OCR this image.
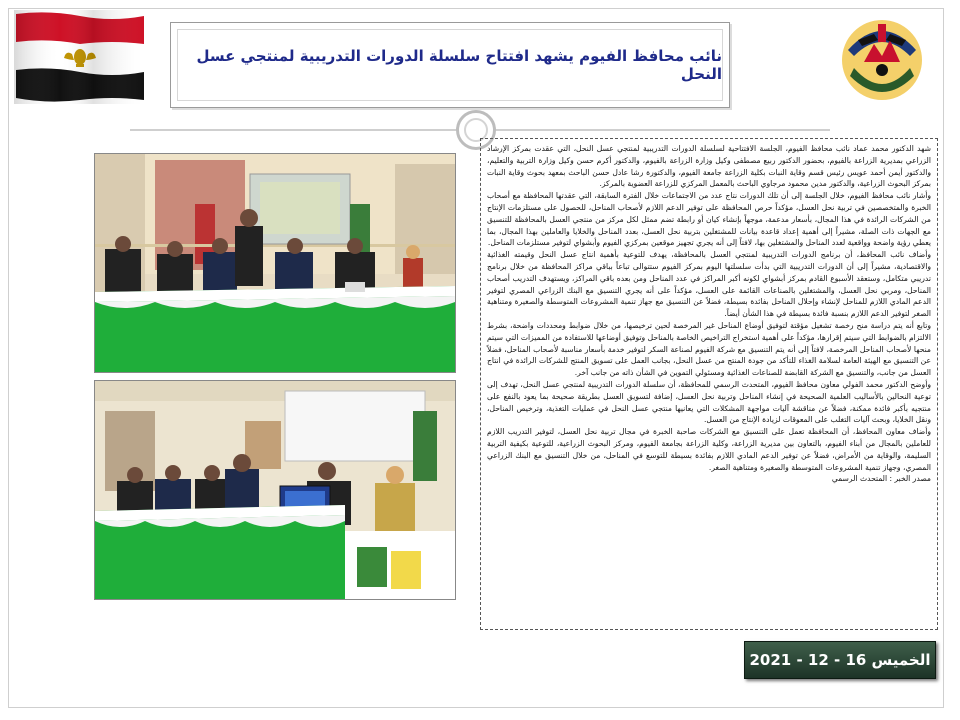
نائب محافظ الفيوم يشهد افتتاح سلسلة الدورات التدريبية لمنتجي عسل النحل

شهد الدكتور محمد عماد نائب محافظ الفيوم، الجلسة الافتتاحية لسلسلة الدورات التدريبية لمنتجي عسل النحل، التي عقدت بمركز الإرشاد الزراعي بمديرية الزراعة بالفيوم، بحضور الدكتور ربيع مصطفى وكيل وزارة الزراعة بالفيوم، والدكتور أكرم حسن وكيل وزارة التربية والتعليم، والدكتور أيمن أحمد عويس رئيس قسم وقاية النبات بكلية الزراعة جامعة الفيوم، والدكتورة رشا عادل حسن الباحث بمعهد بحوث وقاية النبات بمركز البحوث الزراعية، والدكتور مدين محمود مرجاوي الباحث بالمعمل المركزي للزراعة العضوية بالمركز.

وأشار نائب محافظ الفيوم، خلال الجلسة إلى أن تلك الدورات نتاج عدد من الاجتماعات خلال الفترة السابقة، التي عقدتها المحافظة مع أصحاب الخبرة والمتخصصين في تربية نحل العسل، مؤكداً حرص المحافظة على توفير الدعم اللازم لأصحاب المناحل، للحصول على مستلزمات الإنتاج من الشركات الرائدة في هذا المجال، بأسعار مدعمة، موجهاً بإنشاء كيان أو رابطة تضم ممثل لكل مركز من منتجي العسل بالمحافظة للتنسيق مع الجهات ذات الصلة، مشيراً إلى أهمية إعداد قاعدة بيانات للمشتغلين بتربية نحل العسل، بعدد المناحل والخلايا والعاملين بهذا المجال، بما يعطي رؤية واضحة وواقعية لعدد المناحل والمشتغلين بها، لافتاً إلى أنه يجري تجهيز موقعين بمركزي الفيوم وأبشواي لتوفير مستلزمات المناحل.

وأضاف نائب المحافظ، أن برنامج الدورات التدريبية لمنتجي العسل بالمحافظة، يهدف للتوعية بأهمية انتاج عسل النحل وقيمته الغذائية والاقتصادية، مشيراً إلى أن الدورات التدريبية التي بدأت سلسلتها اليوم بمركز الفيوم ستتوالى تباعاً بباقي مراكز المحافظة من خلال برنامج تدريبي متكامل، وستعقد الأسبوع القادم بمركز أبشواي لكونه أكبر المراكز في عدد المناحل ومن بعده باقي المراكز، ويستهدف التدريب أصحاب المناحل، ومربي نحل العسل، والمشتغلين بالصناعات القائمة على العسل، مؤكداً على أنه يجري التنسيق مع البنك الزراعي المصري لتوفير الدعم المادي اللازم للمناحل لإنشاء وإحلال المناحل بفائدة بسيطة، فضلاً عن التنسيق مع جهاز تنمية المشروعات المتوسطة والصغيرة ومتناهية الصغر لتوفير الدعم اللازم بنسبة فائدة بسيطة في هذا الشأن أيضاً.

وتابع أنه يتم دراسة منح رخصة تشغيل مؤقتة لتوفيق أوضاع المناحل غير المرخصة لحين ترخيصها، من خلال ضوابط ومحددات واضحة، بشرط الالتزام بالضوابط التي سيتم إقرارها، مؤكداً على أهمية استخراج التراخيص الخاصة بالمناحل وتوفيق أوضاعها للاستفادة من المميزات التي سيتم منحها لأصحاب المناحل المرخصة، لافتاً إلى أنه يتم التنسيق مع شركة الفيوم لصناعة السكر لتوفير خدمة بأسعار مناسبة لأصحاب المناحل، فضلاً عن التنسيق مع الهيئة العامة لسلامة الغذاء للتأكد من جودة المنتج من عسل النحل، بجانب العمل على تسويق المنتج للشركات الرائدة في انتاج العسل من جانب، والتنسيق مع الشركة القابضة للصناعات الغذائية ومسئولي التموين في الشأن ذاته من جانب آخر.

وأوضح الدكتور محمد الفولي معاون محافظ الفيوم، المتحدث الرسمي للمحافظة، أن سلسلة الدورات التدريبية لمنتجي عسل النحل، تهدف إلى توعية النحالين بالأساليب العلمية الصحيحة في إنشاء المناحل وتربية نحل العسل، إضافة لتسويق العسل بطريقة صحيحة بما يعود بالنفع على منتجيه بأكبر فائدة ممكنة، فضلاً عن مناقشة آليات مواجهة المشكلات التي يعانيها منتجي عسل النحل في عمليات التغذية، وترخيص المناحل، ونقل الخلايا، وبحث آليات التغلب على المعوقات لزيادة الإنتاج من العسل.

وأضاف معاون المحافظ، أن المحافظة تعمل على التنسيق مع الشركات صاحبة الخبرة في مجال تربية نحل العسل، لتوفير التدريب اللازم للعاملين بالمجال من أبناء الفيوم، بالتعاون بين مديرية الزراعة، وكلية الزراعة بجامعة الفيوم، ومركز البحوث الزراعية، للتوعية بكيفية التربية السليمة، والوقاية من الأمراض، فضلاً عن توفير الدعم المادي اللازم بفائدة بسيطة للتوسع في المناحل، من خلال التنسيق مع البنك الزراعي المصري، وجهاز تنمية المشروعات المتوسطة والصغيرة ومتناهية الصغر.

مصدر الخبر : المتحدث الرسمي

الخميس 16 - 12 - 2021
